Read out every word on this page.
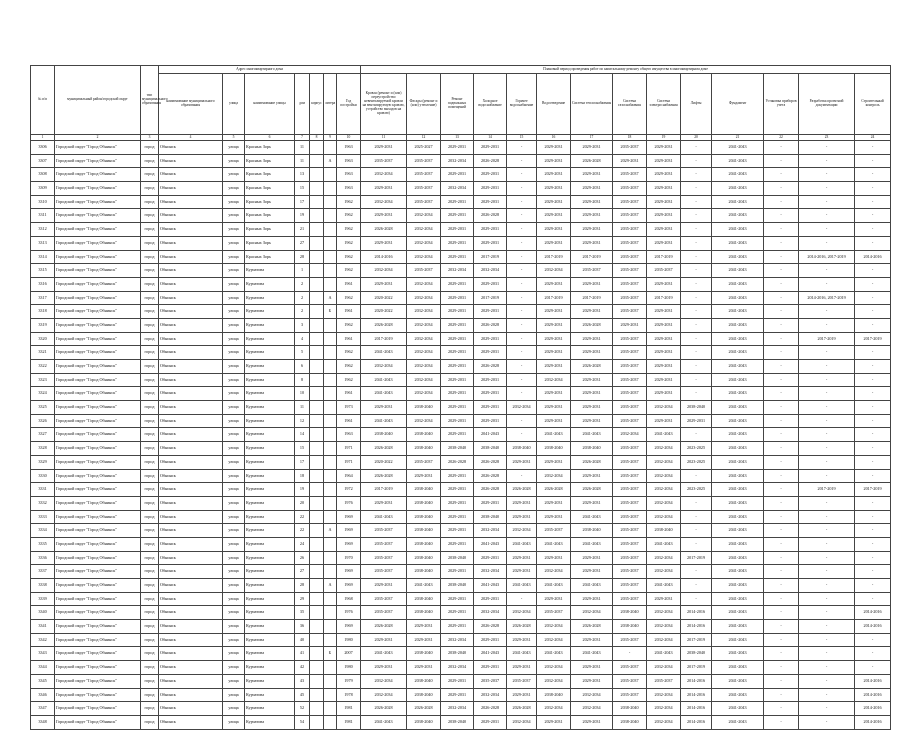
№ п/п	муниципальный район/городской округ	тип муниципального образования	Адрес многоквартирного дома							Плановый период проведения работ по капитальному ремонту общего имущества в многоквартирном доме													
			наименование муниципального образования	улица	наименование улицы	дом	корпус	литера	Год постройки	Кровля (ремонт и (или) переустройство невентилируемой кровли на вентилируемую кровлю, устройство выходов на кровлю)	Фасады (ремонт и (или) утепление)	Ремонт подвальных помещений	Холодное водоснабжение	Горячее водоснабжение	Водоотведение	Система теплоснабжения	Система газоснабжения	Система электроснабжения	Лифты	Фундамент	Установка приборов учета	Разработка проектной документации	Строительный контроль
1	2	3	4	5	6	7	8	9	10	11	12	13	14	15	16	17	18	19	20	21	22	23	24
3306	Городской округ "Город Обнинск"	город	Обнинск	улица	Красных Зорь	11			1963	2029-2031	2025-2027	2029-2031	2029-2031	-	2029-2031	2029-2031	2035-2037	2029-2031	-	2041-2043	-	-	-
3307	Городской округ "Город Обнинск"	город	Обнинск	улица	Красных Зорь	11		А	1963	2035-2037	2035-2037	2032-2034	2026-2028	-	2029-2031	2026-2028	2029-2031	2029-2031	-	2041-2043	-	-	-
3308	Городской округ "Город Обнинск"	город	Обнинск	улица	Красных Зорь	13			1963	2032-2034	2035-2037	2029-2031	2029-2031	-	2029-2031	2029-2031	2035-2037	2029-2031	-	2041-2043	-	-	-
3309	Городской округ "Город Обнинск"	город	Обнинск	улица	Красных Зорь	15			1963	2029-2031	2035-2037	2032-2034	2029-2031	-	2029-2031	2029-2031	2035-2037	2029-2031	-	2041-2043	-	-	-
3310	Городской округ "Город Обнинск"	город	Обнинск	улица	Красных Зорь	17			1962	2032-2034	2035-2037	2029-2031	2029-2031	-	2029-2031	2029-2031	2035-2037	2029-2031	-	2041-2043	-	-	-
3311	Городской округ "Город Обнинск"	город	Обнинск	улица	Красных Зорь	19			1962	2029-2031	2032-2034	2029-2031	2026-2028	-	2029-2031	2029-2031	2035-2037	2029-2031	-	2041-2043	-	-	-
3312	Городской округ "Город Обнинск"	город	Обнинск	улица	Красных Зорь	21			1962	2026-2028	2032-2034	2029-2031	2029-2031	-	2029-2031	2029-2031	2035-2037	2029-2031	-	2041-2043	-	-	-
3313	Городской округ "Город Обнинск"	город	Обнинск	улица	Красных Зорь	27			1962	2029-2031	2032-2034	2029-2031	2029-2031	-	2029-2031	2029-2031	2035-2037	2029-2031	-	2041-2043	-	-	-
3314	Городской округ "Город Обнинск"	город	Обнинск	улица	Красных Зорь	28			1962	2014-2016	2032-2034	2029-2031	2017-2019	-	2017-2019	2017-2019	2035-2037	2017-2019	-	2041-2043	-	2014-2016, 2017-2019	2014-2016
3315	Городской округ "Город Обнинск"	город	Обнинск	улица	Курчатова	1			1962	2032-2034	2035-2037	2032-2034	2032-2034	-	2032-2034	2035-2037	2035-2037	2035-2037	-	2041-2043	-	-	-
3316	Городской округ "Город Обнинск"	город	Обнинск	улица	Курчатова	2			1961	2029-2031	2032-2034	2029-2031	2029-2031	-	2029-2031	2029-2031	2035-2037	2029-2031	-	2041-2043	-	-	-
3317	Городской округ "Город Обнинск"	город	Обнинск	улица	Курчатова	2		А	1962	2020-2022	2032-2034	2029-2031	2017-2019	-	2017-2019	2017-2019	2035-2037	2017-2019	-	2041-2043	-	2014-2016, 2017-2019	-
3318	Городской округ "Город Обнинск"	город	Обнинск	улица	Курчатова	2		Б	1961	2020-2022	2032-2034	2029-2031	2029-2031	-	2029-2031	2029-2031	2035-2037	2029-2031	-	2041-2043	-	-	-
3319	Городской округ "Город Обнинск"	город	Обнинск	улица	Курчатова	3			1962	2026-2028	2032-2034	2029-2031	2026-2028	-	2029-2031	2026-2028	2029-2031	2029-2031	-	2041-2043	-	-	-
3320	Городской округ "Город Обнинск"	город	Обнинск	улица	Курчатова	4			1961	2017-2019	2032-2034	2029-2031	2029-2031	-	2029-2031	2029-2031	2035-2037	2029-2031	-	2041-2043	-	2017-2019	2017-2019
3321	Городской округ "Город Обнинск"	город	Обнинск	улица	Курчатова	5			1962	2041-2043	2032-2034	2029-2031	2029-2031	-	2029-2031	2029-2031	2035-2037	2029-2031	-	2041-2043	-	-	-
3322	Городской округ "Город Обнинск"	город	Обнинск	улица	Курчатова	6			1962	2032-2034	2032-2034	2029-2031	2026-2028	-	2029-2031	2026-2028	2035-2037	2029-2031	-	2041-2043	-	-	-
3323	Городской округ "Город Обнинск"	город	Обнинск	улица	Курчатова	8			1962	2041-2043	2032-2034	2029-2031	2029-2031	-	2032-2034	2029-2031	2035-2037	2029-2031	-	2041-2043	-	-	-
3324	Городской округ "Город Обнинск"	город	Обнинск	улица	Курчатова	10			1961	2041-2043	2032-2034	2029-2031	2029-2031	-	2029-2031	2029-2031	2035-2037	2029-2031	-	2041-2043	-	-	-
3325	Городской округ "Город Обнинск"	город	Обнинск	улица	Курчатова	11			1973	2029-2031	2038-2040	2029-2031	2029-2031	2032-2034	2029-2031	2029-2031	2035-2037	2032-2034	2038-2040	2041-2043	-	-	-
3326	Городской округ "Город Обнинск"	город	Обнинск	улица	Курчатова	12			1961	2041-2043	2032-2034	2029-2031	2029-2031	-	2029-2031	2029-2031	2035-2037	2029-2031	2029-2031	2041-2043	-	-	-
3327	Городской округ "Город Обнинск"	город	Обнинск	улица	Курчатова	14			1963	2038-2040	2038-2040	2029-2031	2041-2043	-	2041-2043	2041-2043	2032-2034	2041-2043	-	2041-2043	-	-	-
3328	Городской округ "Город Обнинск"	город	Обнинск	улица	Курчатова	15			1971	2026-2028	2038-2040	2038-2040	2038-2040	2038-2040	2038-2040	2038-2040	2035-2037	2032-2034	2023-2025	2041-2043	-	-	-
3329	Городской округ "Город Обнинск"	город	Обнинск	улица	Курчатова	17			1971	2020-2022	2035-2037	2026-2028	2026-2028	2029-2031	2029-2031	2026-2028	2035-2037	2032-2034	2023-2025	2041-2043	-	-	-
3330	Городской округ "Город Обнинск"	город	Обнинск	улица	Курчатова	18			1964	2026-2028	2029-2031	2029-2031	2026-2028	-	2032-2034	2029-2031	2035-2037	2032-2034	-	2041-2043	-	-	-
3331	Городской округ "Город Обнинск"	город	Обнинск	улица	Курчатова	19			1972	2017-2019	2038-2040	2029-2031	2026-2028	2026-2028	2026-2028	2026-2028	2035-2037	2032-2034	2023-2025	2041-2043	-	2017-2019	2017-2019
3332	Городской округ "Город Обнинск"	город	Обнинск	улица	Курчатова	20			1976	2029-2031	2038-2040	2029-2031	2029-2031	2029-2031	2029-2031	2029-2031	2035-2037	2032-2034	-	2041-2043	-	-	-
3333	Городской округ "Город Обнинск"	город	Обнинск	улица	Курчатова	22			1969	2041-2043	2038-2040	2029-2031	2038-2040	2029-2031	2029-2031	2041-2043	2035-2037	2032-2034	-	2041-2043	-	-	-
3334	Городской округ "Город Обнинск"	город	Обнинск	улица	Курчатова	22		А	1969	2035-2037	2038-2040	2029-2031	2032-2034	2032-2034	2035-2037	2038-2040	2035-2037	2038-2040	-	2041-2043	-	-	-
3335	Городской округ "Город Обнинск"	город	Обнинск	улица	Курчатова	24			1969	2035-2037	2038-2040	2029-2031	2041-2043	2041-2043	2041-2043	2041-2043	2035-2037	2041-2043	-	2041-2043	-	-	-
3336	Городской округ "Город Обнинск"	город	Обнинск	улица	Курчатова	26			1970	2035-2037	2038-2040	2038-2040	2029-2031	2029-2031	2029-2031	2029-2031	2035-2037	2032-2034	2017-2019	2041-2043	-	-	-
3337	Городской округ "Город Обнинск"	город	Обнинск	улица	Курчатова	27			1969	2035-2037	2038-2040	2029-2031	2032-2034	2029-2031	2032-2034	2029-2031	2035-2037	2032-2034	-	2041-2043	-	-	-
3338	Городской округ "Город Обнинск"	город	Обнинск	улица	Курчатова	28		А	1969	2029-2031	2041-2043	2038-2040	2041-2043	2041-2043	2041-2043	2041-2043	2035-2037	2041-2043	-	2041-2043	-	-	-
3339	Городской округ "Город Обнинск"	город	Обнинск	улица	Курчатова	29			1968	2035-2037	2038-2040	2029-2031	2029-2031	-	2029-2031	2029-2031	2035-2037	2029-2031	-	2041-2043	-	-	-
3340	Городской округ "Город Обнинск"	город	Обнинск	улица	Курчатова	35			1976	2035-2037	2038-2040	2029-2031	2032-2034	2032-2034	2035-2037	2032-2034	2038-2040	2032-2034	2014-2016	2041-2043	-	-	2014-2016
3341	Городской округ "Город Обнинск"	город	Обнинск	улица	Курчатова	36			1969	2026-2028	2029-2031	2029-2031	2026-2028	2026-2028	2032-2034	2026-2028	2038-2040	2032-2034	2014-2016	2041-2043	-	-	2014-2016
3342	Городской округ "Город Обнинск"	город	Обнинск	улица	Курчатова	40			1980	2029-2031	2029-2031	2032-2034	2029-2031	2029-2031	2032-2034	2029-2031	2035-2037	2032-2034	2017-2019	2041-2043	-	-	-
3343	Городской округ "Город Обнинск"	город	Обнинск	улица	Курчатова	41		Б	2007	2041-2043	2038-2040	2038-2040	2041-2043	2041-2043	2041-2043	2041-2043	-	2041-2043	2038-2040	2041-2043	-	-	-
3344	Городской округ "Город Обнинск"	город	Обнинск	улица	Курчатова	42			1980	2029-2031	2029-2031	2032-2034	2029-2031	2029-2031	2032-2034	2029-2031	2035-2037	2032-2034	2017-2019	2041-2043	-	-	-
3345	Городской округ "Город Обнинск"	город	Обнинск	улица	Курчатова	43			1979	2032-2034	2038-2040	2029-2031	2035-2037	2035-2037	2032-2034	2029-2031	2035-2037	2035-2037	2014-2016	2041-2043	-	-	2014-2016
3346	Городской округ "Город Обнинск"	город	Обнинск	улица	Курчатова	45			1978	2032-2034	2038-2040	2029-2031	2032-2034	2029-2031	2038-2040	2032-2034	2035-2037	2032-2034	2014-2016	2041-2043	-	-	2014-2016
3347	Городской округ "Город Обнинск"	город	Обнинск	улица	Курчатова	52			1981	2026-2028	2026-2028	2032-2034	2026-2028	2026-2028	2032-2034	2032-2034	2038-2040	2032-2034	2014-2016	2041-2043	-	-	2014-2016
3348	Городской округ "Город Обнинск"	город	Обнинск	улица	Курчатова	54			1981	2041-2043	2038-2040	2038-2040	2029-2031	2032-2034	2029-2031	2029-2031	2038-2040	2032-2034	2014-2016	2041-2043	-	-	2014-2016
